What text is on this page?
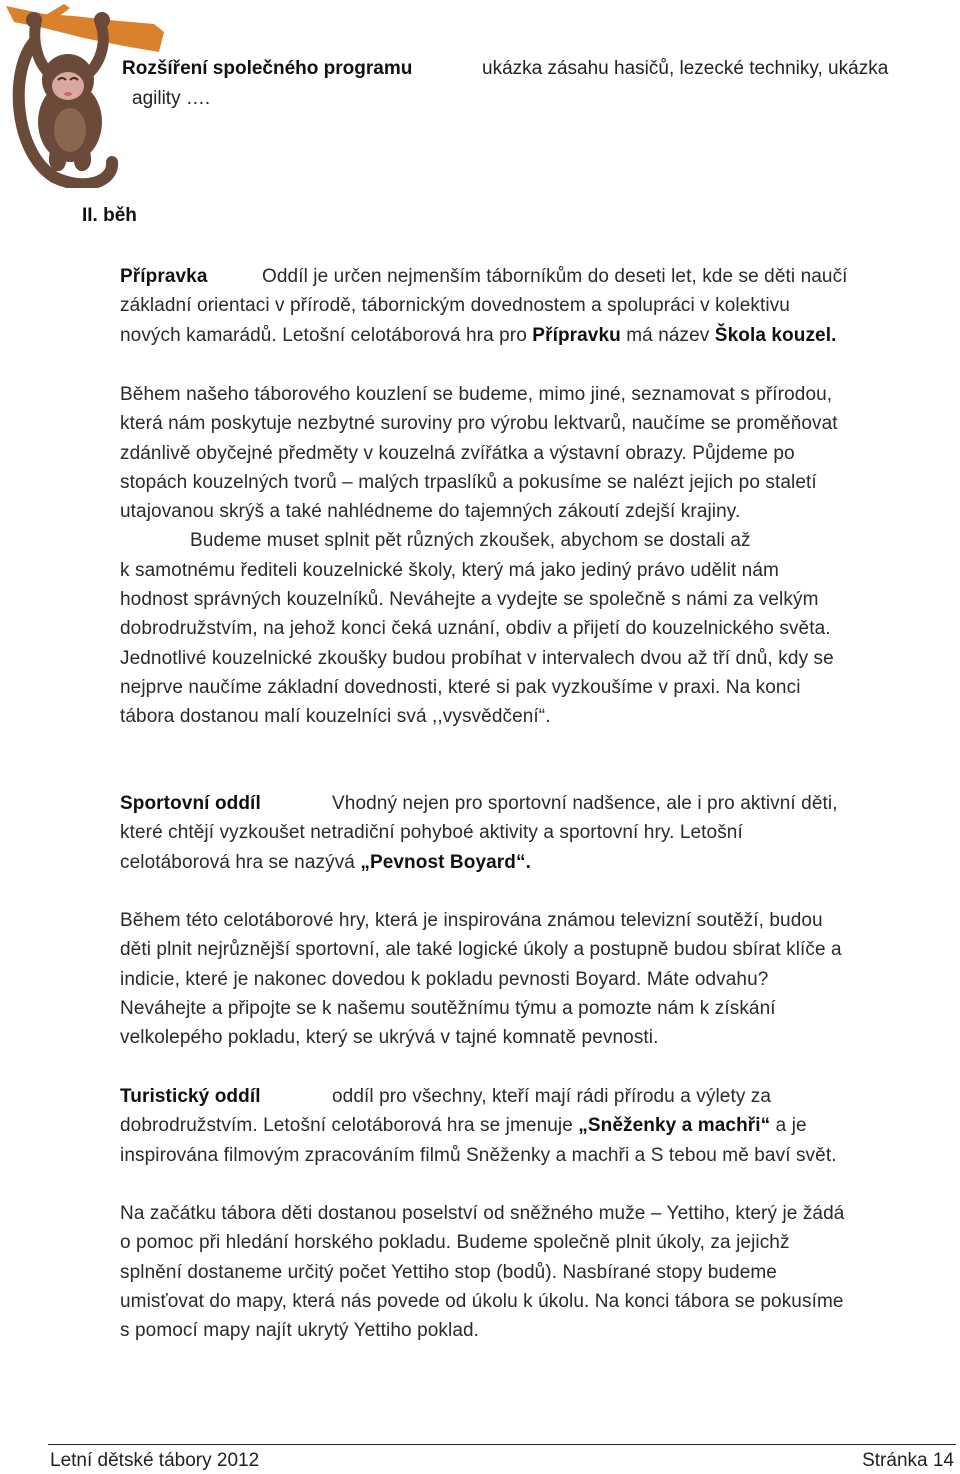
Rozšíření společného programu	ukázka zásahu hasičů, lezecké techniky, ukázka
agility ….
II. běh
Přípravka	Oddíl je určen nejmenším táborníkům do deseti let, kde se děti naučí
základní orientaci v přírodě, tábornickým dovednostem a spolupráci v kolektivu
nových kamarádů. Letošní celotáborová hra pro Přípravku má název Škola kouzel.
Během našeho táborového kouzlení se budeme, mimo jiné, seznamovat s přírodou,
která nám poskytuje nezbytné suroviny pro výrobu lektvarů, naučíme se proměňovat
zdánlivě obyčejné předměty v kouzelná zvířátka a výstavní obrazy. Půjdeme po
stopách kouzelných tvorů – malých trpaslíků a pokusíme se nalézt jejich po staletí
utajovanou skrýš a také nahlédneme do tajemných zákoutí zdejší krajiny.
Budeme muset splnit pět různých zkoušek, abychom se dostali až
k samotnému řediteli kouzelnické školy, který má jako jediný právo udělit nám
hodnost správných kouzelníků. Neváhejte a vydejte se společně s námi za velkým
dobrodružstvím, na jehož konci čeká uznání, obdiv a přijetí do kouzelnického světa.
Jednotlivé kouzelnické zkoušky budou probíhat v intervalech dvou až tří dnů, kdy se
nejprve naučíme základní dovednosti, které si pak vyzkoušíme v praxi. Na konci
tábora dostanou malí kouzelníci svá ,,vysvědčení“.
Sportovní oddíl	Vhodný nejen pro sportovní nadšence, ale i pro aktivní děti,
které chtějí vyzkoušet netradiční pohyboé aktivity a sportovní hry. Letošní
celotáborová hra se nazývá „Pevnost Boyard“.
Během této celotáborové hry, která je inspirována známou televizní soutěží, budou
děti plnit nejrůznější sportovní, ale také logické úkoly a postupně budou sbírat klíče a
indicie, které je nakonec dovedou k pokladu pevnosti Boyard. Máte odvahu?
Neváhejte a připojte se k našemu soutěžnímu týmu a pomozte nám k získání
velkolepého pokladu, který se ukrývá v tajné komnatě pevnosti.
Turistický oddíl	oddíl pro všechny, kteří mají rádi přírodu a výlety za
dobrodružstvím. Letošní celotáborová hra se jmenuje „Sněženky a machři“ a je
inspirována filmovým zpracováním filmů Sněženky a machři a S tebou mě baví svět.
Na začátku tábora děti dostanou poselství od sněžného muže – Yettiho, který je žádá
o pomoc při hledání horského pokladu. Budeme společně plnit úkoly, za jejichž
splnění dostaneme určitý počet Yettiho stop (bodů). Nasbírané stopy budeme
umisťovat do mapy, která nás povede od úkolu k úkolu. Na konci tábora se pokusíme
s pomocí mapy najít ukrytý Yettiho poklad.
Letní dětské tábory 2012	Stránka 14
